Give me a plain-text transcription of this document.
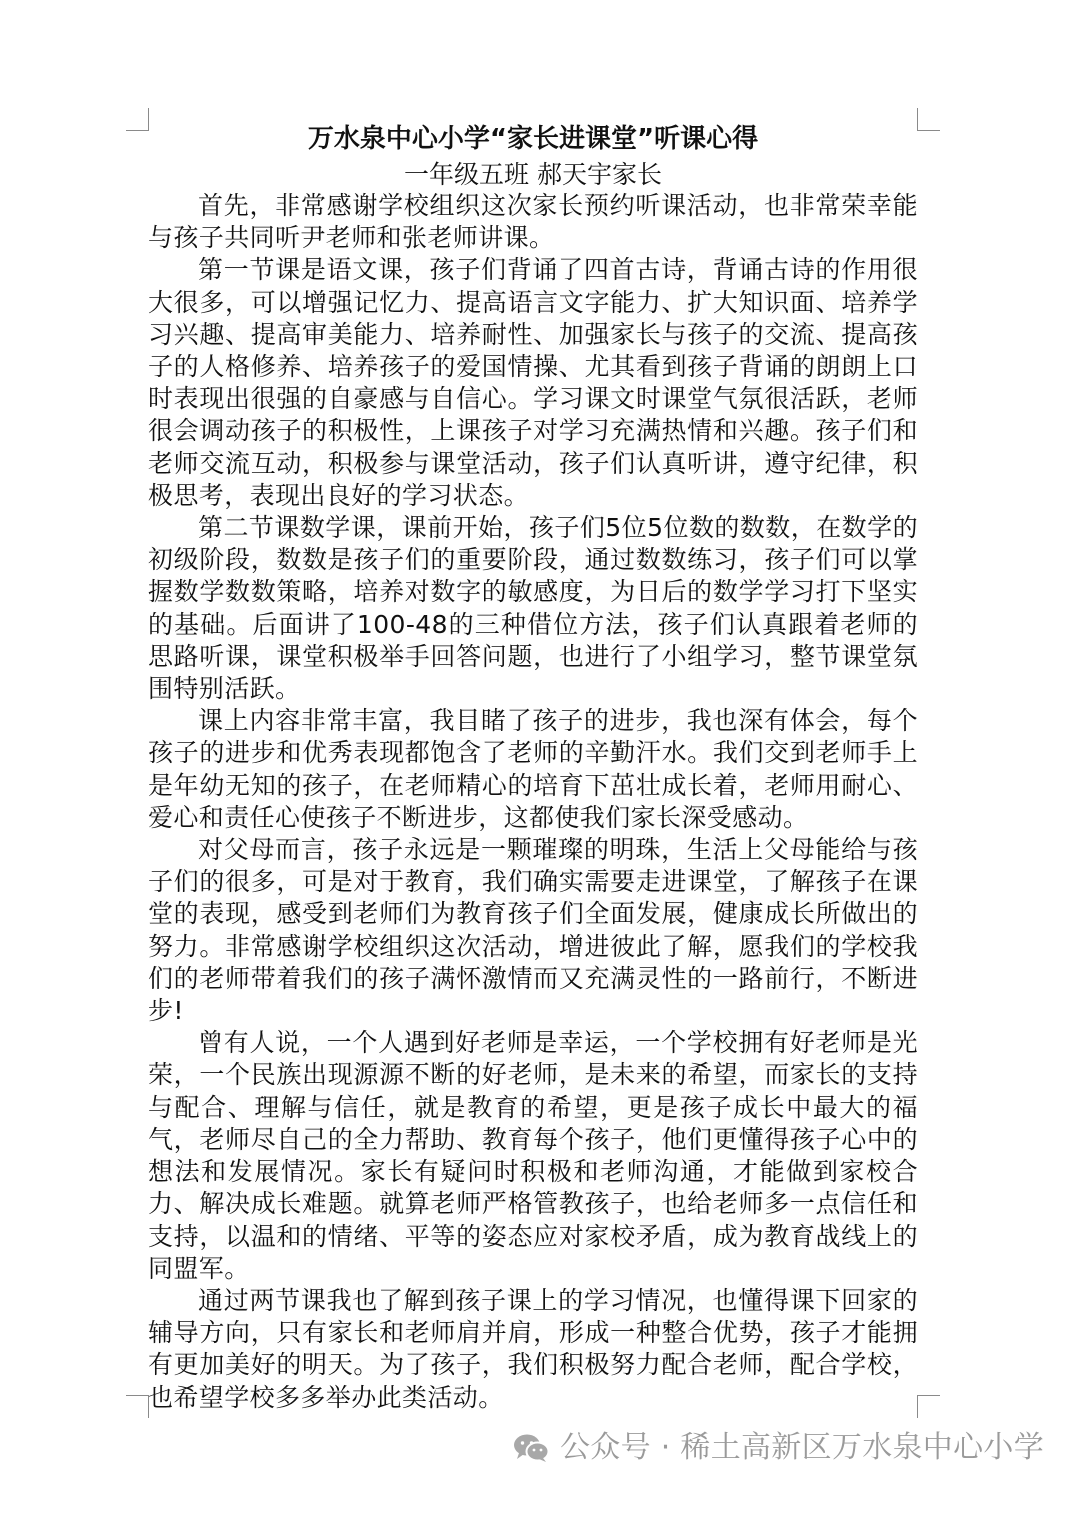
万水泉中心小学“家长进课堂”听课心得

一年级五班 郝天宇家长

首先，非常感谢学校组织这次家长预约听课活动，也非常荣幸能与孩子共同听尹老师和张老师讲课。

第一节课是语文课，孩子们背诵了四首古诗，背诵古诗的作用很大很多，可以增强记忆力、提高语言文字能力、扩大知识面、培养学习兴趣、提高审美能力、培养耐性、加强家长与孩子的交流、提高孩子的人格修养、培养孩子的爱国情操、尤其看到孩子背诵的朗朗上口时表现出很强的自豪感与自信心。学习课文时课堂气氛很活跃，老师很会调动孩子的积极性，上课孩子对学习充满热情和兴趣。孩子们和老师交流互动，积极参与课堂活动，孩子们认真听讲，遵守纪律，积极思考，表现出良好的学习状态。

第二节课数学课，课前开始，孩子们5位5位数的数数，在数学的初级阶段，数数是孩子们的重要阶段，通过数数练习，孩子们可以掌握数学数数策略，培养对数字的敏感度，为日后的数学学习打下坚实的基础。后面讲了100-48的三种借位方法，孩子们认真跟着老师的思路听课，课堂积极举手回答问题，也进行了小组学习，整节课堂氛围特别活跃。

课上内容非常丰富，我目睹了孩子的进步，我也深有体会，每个孩子的进步和优秀表现都饱含了老师的辛勤汗水。我们交到老师手上是年幼无知的孩子，在老师精心的培育下茁壮成长着，老师用耐心、爱心和责任心使孩子不断进步，这都使我们家长深受感动。

对父母而言，孩子永远是一颗璀璨的明珠，生活上父母能给与孩子们的很多，可是对于教育，我们确实需要走进课堂，了解孩子在课堂的表现，感受到老师们为教育孩子们全面发展，健康成长所做出的努力。非常感谢学校组织这次活动，增进彼此了解，愿我们的学校我们的老师带着我们的孩子满怀激情而又充满灵性的一路前行，不断进步!

曾有人说，一个人遇到好老师是幸运，一个学校拥有好老师是光荣，一个民族出现源源不断的好老师，是未来的希望，而家长的支持与配合、理解与信任，就是教育的希望，更是孩子成长中最大的福气，老师尽自己的全力帮助、教育每个孩子，他们更懂得孩子心中的想法和发展情况。家长有疑问时积极和老师沟通，才能做到家校合力、解决成长难题。就算老师严格管教孩子，也给老师多一点信任和支持，以温和的情绪、平等的姿态应对家校矛盾，成为教育战线上的同盟军。

通过两节课我也了解到孩子课上的学习情况，也懂得课下回家的辅导方向，只有家长和老师肩并肩，形成一种整合优势，孩子才能拥有更加美好的明天。为了孩子，我们积极努力配合老师，配合学校，也希望学校多多举办此类活动。

公众号 · 稀土高新区万水泉中心小学
